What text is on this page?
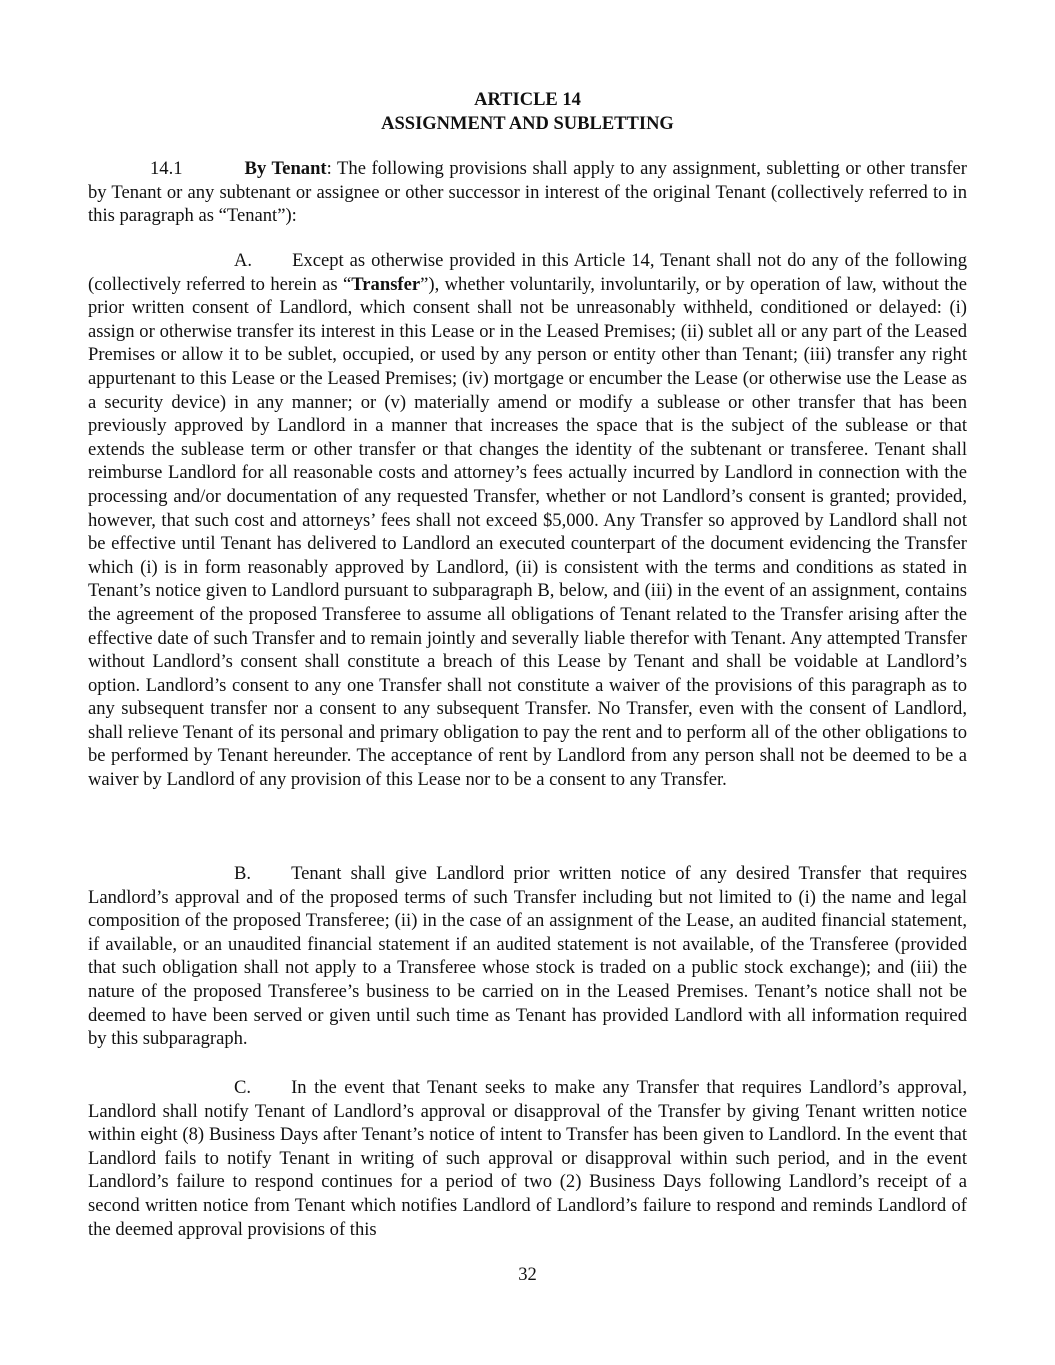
ARTICLE 14
ASSIGNMENT AND SUBLETTING

14.1	By Tenant: The following provisions shall apply to any assignment, subletting or other transfer by Tenant or any subtenant or assignee or other successor in interest of the original Tenant (collectively referred to in this paragraph as “Tenant”):

A. Except as otherwise provided in this Article 14, Tenant shall not do any of the following (collectively referred to herein as “Transfer”), whether voluntarily, involuntarily, or by operation of law, without the prior written consent of Landlord, which consent shall not be unreasonably withheld, conditioned or delayed: (i) assign or otherwise transfer its interest in this Lease or in the Leased Premises; (ii) sublet all or any part of the Leased Premises or allow it to be sublet, occupied, or used by any person or entity other than Tenant; (iii) transfer any right appurtenant to this Lease or the Leased Premises; (iv) mortgage or encumber the Lease (or otherwise use the Lease as a security device) in any manner; or (v) materially amend or modify a sublease or other transfer that has been previously approved by Landlord in a manner that increases the space that is the subject of the sublease or that extends the sublease term or other transfer or that changes the identity of the subtenant or transferee. Tenant shall reimburse Landlord for all reasonable costs and attorney’s fees actually incurred by Landlord in connection with the processing and/or documentation of any requested Transfer, whether or not Landlord’s consent is granted; provided, however, that such cost and attorneys’ fees shall not exceed $5,000. Any Transfer so approved by Landlord shall not be effective until Tenant has delivered to Landlord an executed counterpart of the document evidencing the Transfer which (i) is in form reasonably approved by Landlord, (ii) is consistent with the terms and conditions as stated in Tenant’s notice given to Landlord pursuant to subparagraph B, below, and (iii) in the event of an assignment, contains the agreement of the proposed Transferee to assume all obligations of Tenant related to the Transfer arising after the effective date of such Transfer and to remain jointly and severally liable therefor with Tenant. Any attempted Transfer without Landlord’s consent shall constitute a breach of this Lease by Tenant and shall be voidable at Landlord’s option. Landlord’s consent to any one Transfer shall not constitute a waiver of the provisions of this paragraph as to any subsequent transfer nor a consent to any subsequent Transfer. No Transfer, even with the consent of Landlord, shall relieve Tenant of its personal and primary obligation to pay the rent and to perform all of the other obligations to be performed by Tenant hereunder. The acceptance of rent by Landlord from any person shall not be deemed to be a waiver by Landlord of any provision of this Lease nor to be a consent to any Transfer.

B. Tenant shall give Landlord prior written notice of any desired Transfer that requires Landlord’s approval and of the proposed terms of such Transfer including but not limited to (i) the name and legal composition of the proposed Transferee; (ii) in the case of an assignment of the Lease, an audited financial statement, if available, or an unaudited financial statement if an audited statement is not available, of the Transferee (provided that such obligation shall not apply to a Transferee whose stock is traded on a public stock exchange); and (iii) the nature of the proposed Transferee’s business to be carried on in the Leased Premises. Tenant’s notice shall not be deemed to have been served or given until such time as Tenant has provided Landlord with all information required by this subparagraph.

C. In the event that Tenant seeks to make any Transfer that requires Landlord’s approval, Landlord shall notify Tenant of Landlord’s approval or disapproval of the Transfer by giving Tenant written notice within eight (8) Business Days after Tenant’s notice of intent to Transfer has been given to Landlord. In the event that Landlord fails to notify Tenant in writing of such approval or disapproval within such period, and in the event Landlord’s failure to respond continues for a period of two (2) Business Days following Landlord’s receipt of a second written notice from Tenant which notifies Landlord of Landlord’s failure to respond and reminds Landlord of the deemed approval provisions of this

32
